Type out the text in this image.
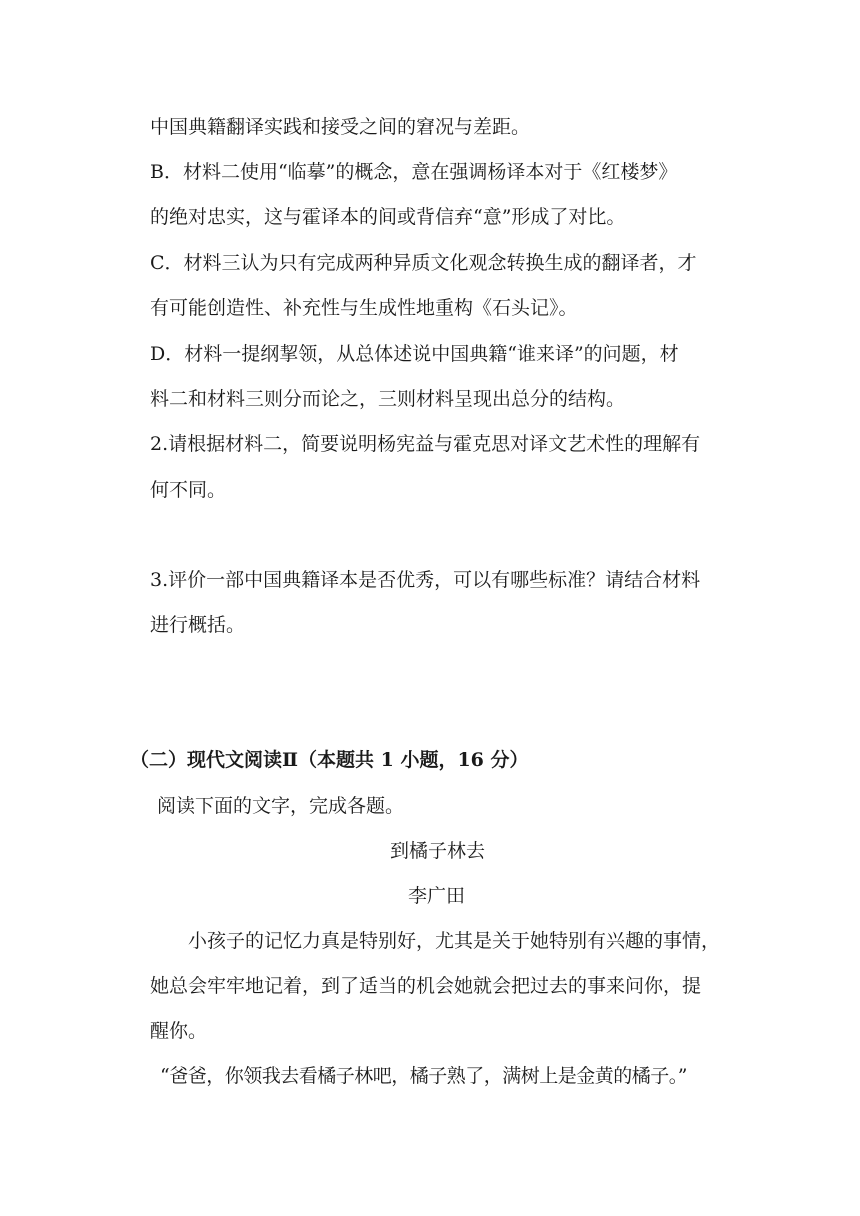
中国典籍翻译实践和接受之间的窘况与差距。
B．材料二使用“临摹”的概念，意在强调杨译本对于《红楼梦》
的绝对忠实，这与霍译本的间或背信弃“意”形成了对比。
C．材料三认为只有完成两种异质文化观念转换生成的翻译者，才
有可能创造性、补充性与生成性地重构《石头记》。
D．材料一提纲挈领，从总体述说中国典籍“谁来译”的问题，材
料二和材料三则分而论之，三则材料呈现出总分的结构。
2.请根据材料二，简要说明杨宪益与霍克思对译文艺术性的理解有
何不同。
3.评价一部中国典籍译本是否优秀，可以有哪些标准？请结合材料
进行概括。
（二）现代文阅读Ⅱ（本题共 1 小题，16 分）
阅读下面的文字，完成各题。
到橘子林去
李广田
小孩子的记忆力真是特别好，尤其是关于她特别有兴趣的事情，
她总会牢牢地记着，到了适当的机会她就会把过去的事来问你，提
醒你。
“爸爸，你领我去看橘子林吧，橘子熟了，满树上是金黄的橘子。”
